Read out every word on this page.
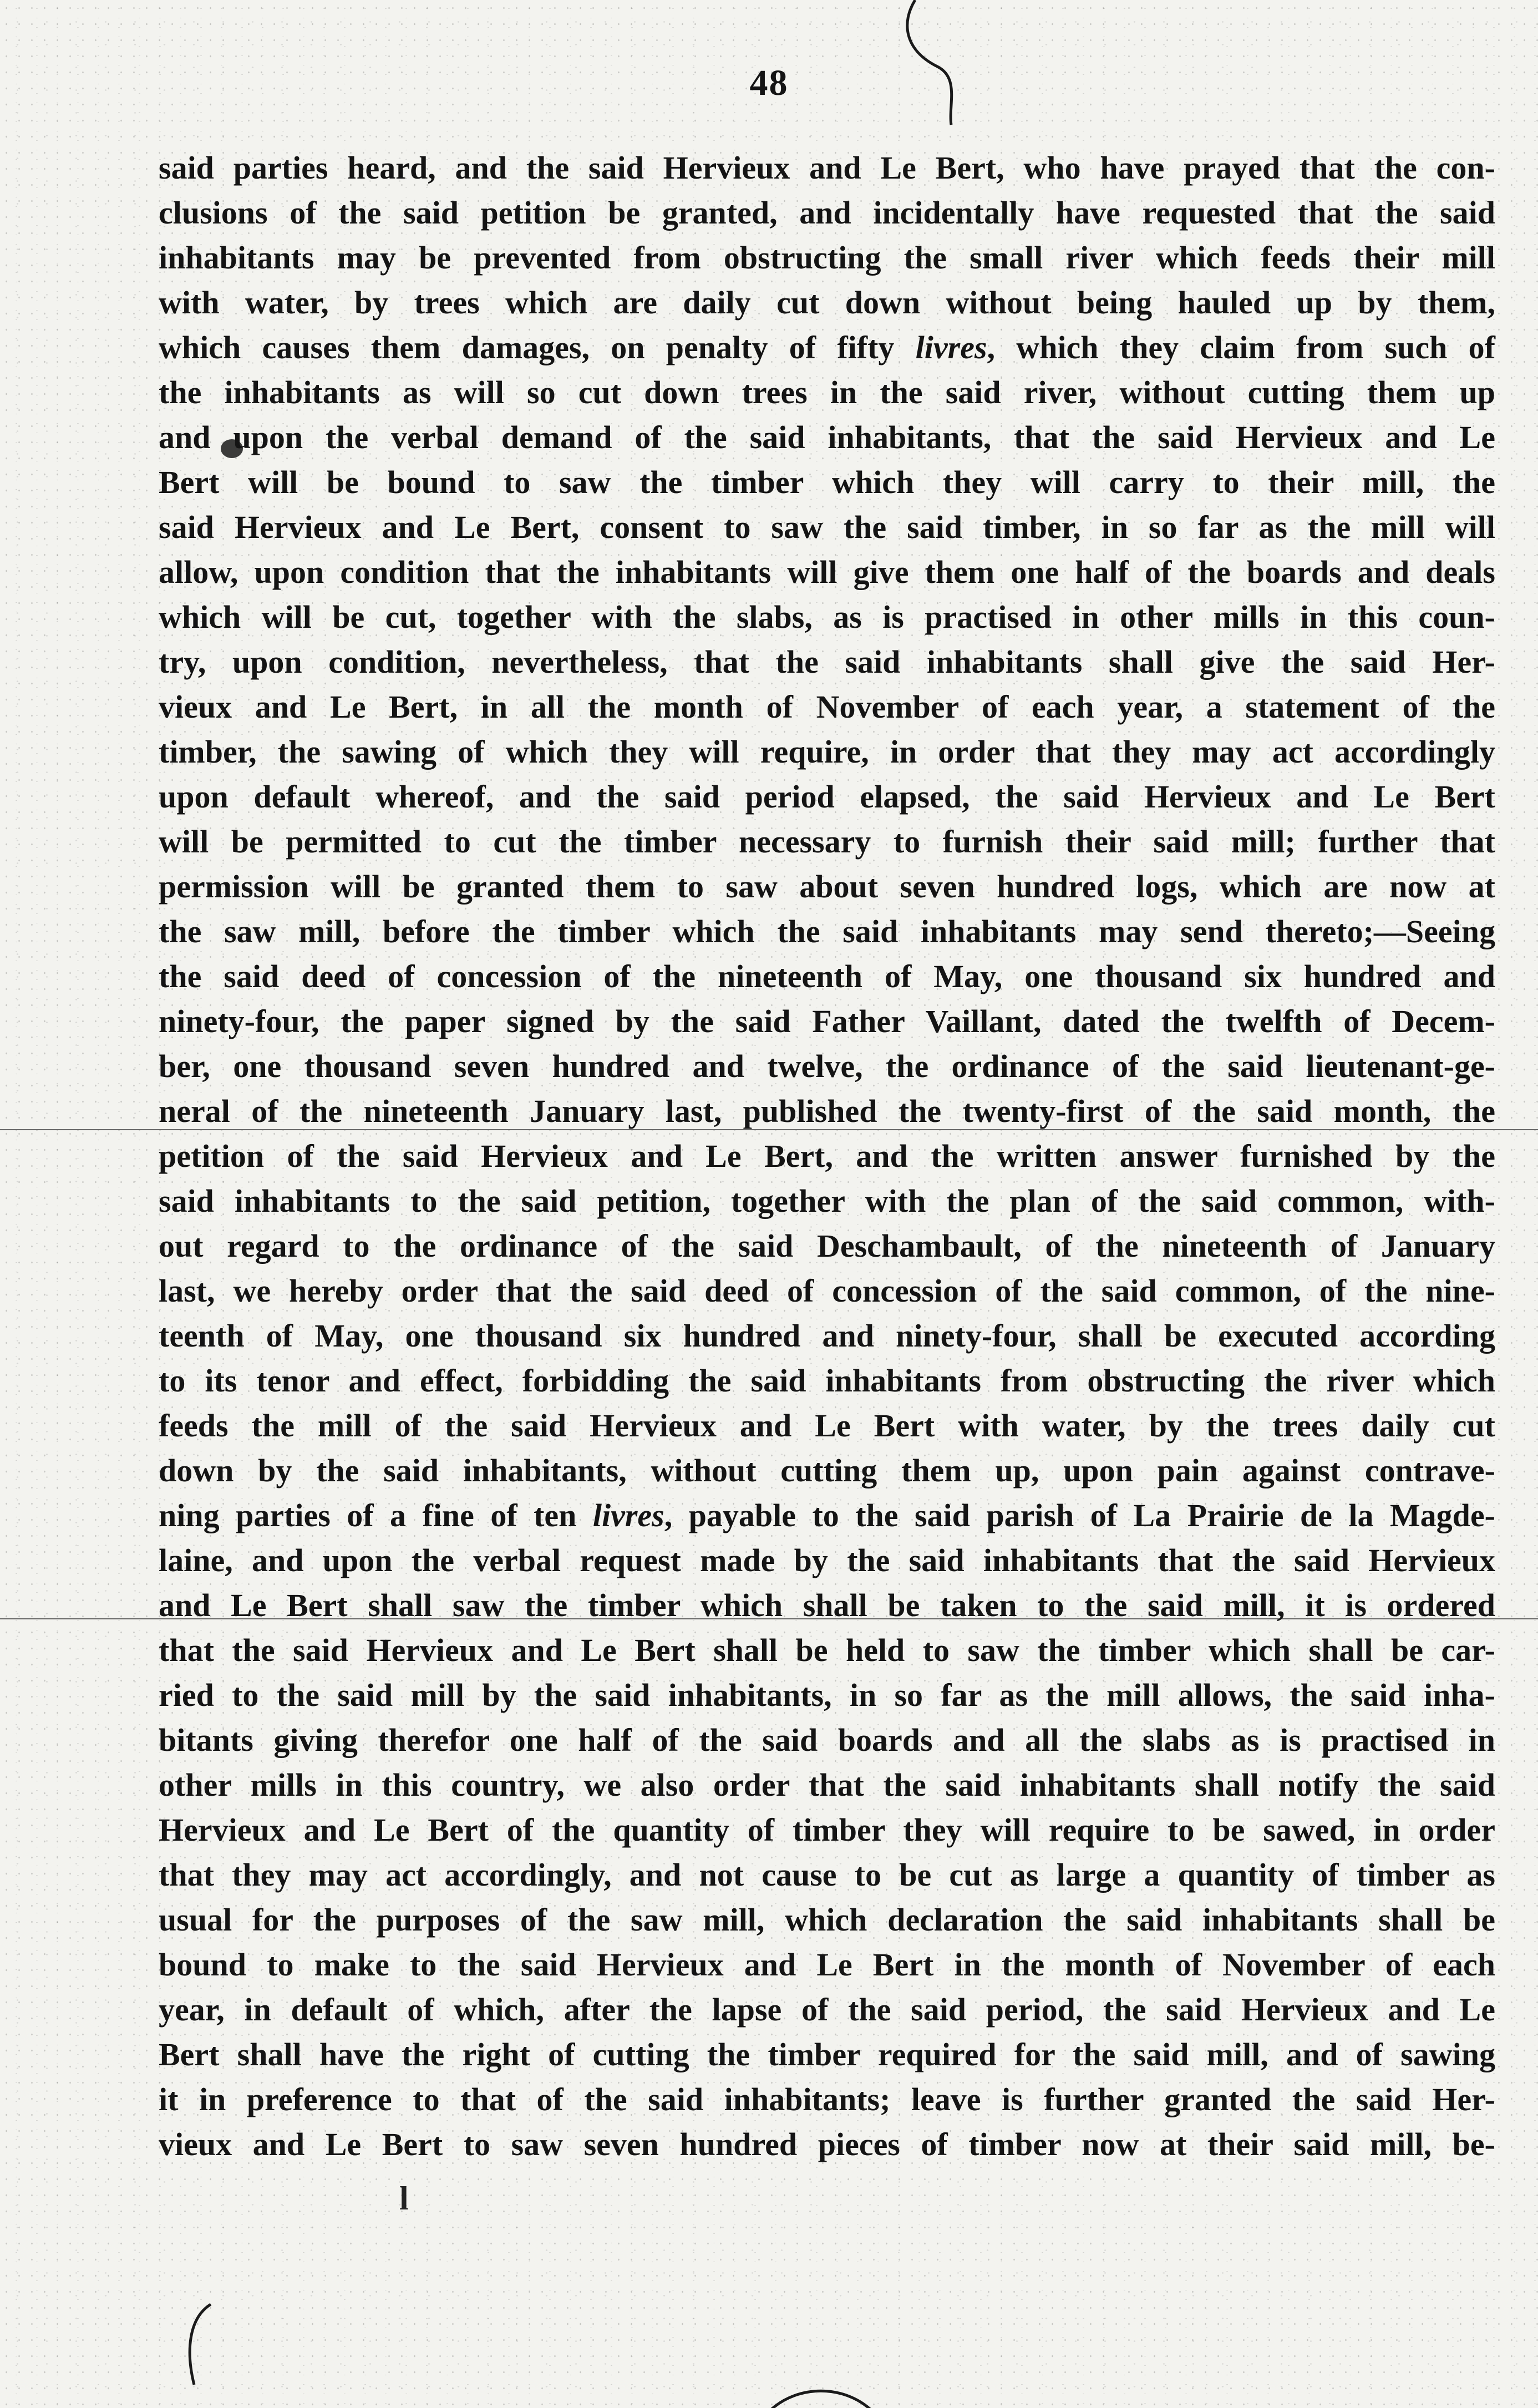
48
said parties heard, and the said Hervieux and Le Bert, who have prayed that the con-
clusions of the said petition be granted, and incidentally have requested that the said
inhabitants may be prevented from obstructing the small river which feeds their mill
with water, by trees which are daily cut down without being hauled up by them,
which causes them damages, on penalty of fifty livres, which they claim from such of
the inhabitants as will so cut down trees in the said river, without cutting them up
and upon the verbal demand of the said inhabitants, that the said Hervieux and Le
Bert will be bound to saw the timber which they will carry to their mill, the
said Hervieux and Le Bert, consent to saw the said timber, in so far as the mill will
allow, upon condition that the inhabitants will give them one half of the boards and deals
which will be cut, together with the slabs, as is practised in other mills in this coun-
try, upon condition, nevertheless, that the said inhabitants shall give the said Her-
vieux and Le Bert, in all the month of November of each year, a statement of the
timber, the sawing of which they will require, in order that they may act accordingly
upon default whereof, and the said period elapsed, the said Hervieux and Le Bert
will be permitted to cut the timber necessary to furnish their said mill; further that
permission will be granted them to saw about seven hundred logs, which are now at
the saw mill, before the timber which the said inhabitants may send thereto;—Seeing
the said deed of concession of the nineteenth of May, one thousand six hundred and
ninety-four, the paper signed by the said Father Vaillant, dated the twelfth of Decem-
ber, one thousand seven hundred and twelve, the ordinance of the said lieutenant-ge-
neral of the nineteenth January last, published the twenty-first of the said month, the
petition of the said Hervieux and Le Bert, and the written answer furnished by the
said inhabitants to the said petition, together with the plan of the said common, with-
out regard to the ordinance of the said Deschambault, of the nineteenth of January
last, we hereby order that the said deed of concession of the said common, of the nine-
teenth of May, one thousand six hundred and ninety-four, shall be executed according
to its tenor and effect, forbidding the said inhabitants from obstructing the river which
feeds the mill of the said Hervieux and Le Bert with water, by the trees daily cut
down by the said inhabitants, without cutting them up, upon pain against contrave-
ning parties of a fine of ten livres, payable to the said parish of La Prairie de la Magde-
laine, and upon the verbal request made by the said inhabitants that the said Hervieux
and Le Bert shall saw the timber which shall be taken to the said mill, it is ordered
that the said Hervieux and Le Bert shall be held to saw the timber which shall be car-
ried to the said mill by the said inhabitants, in so far as the mill allows, the said inha-
bitants giving therefor one half of the said boards and all the slabs as is practised in
other mills in this country, we also order that the said inhabitants shall notify the said
Hervieux and Le Bert of the quantity of timber they will require to be sawed, in order
that they may act accordingly, and not cause to be cut as large a quantity of timber as
usual for the purposes of the saw mill, which declaration the said inhabitants shall be
bound to make to the said Hervieux and Le Bert in the month of November of each
year, in default of which, after the lapse of the said period, the said Hervieux and Le
Bert shall have the right of cutting the timber required for the said mill, and of sawing
it in preference to that of the said inhabitants; leave is further granted the said Her-
vieux and Le Bert to saw seven hundred pieces of timber now at their said mill, be-
l
